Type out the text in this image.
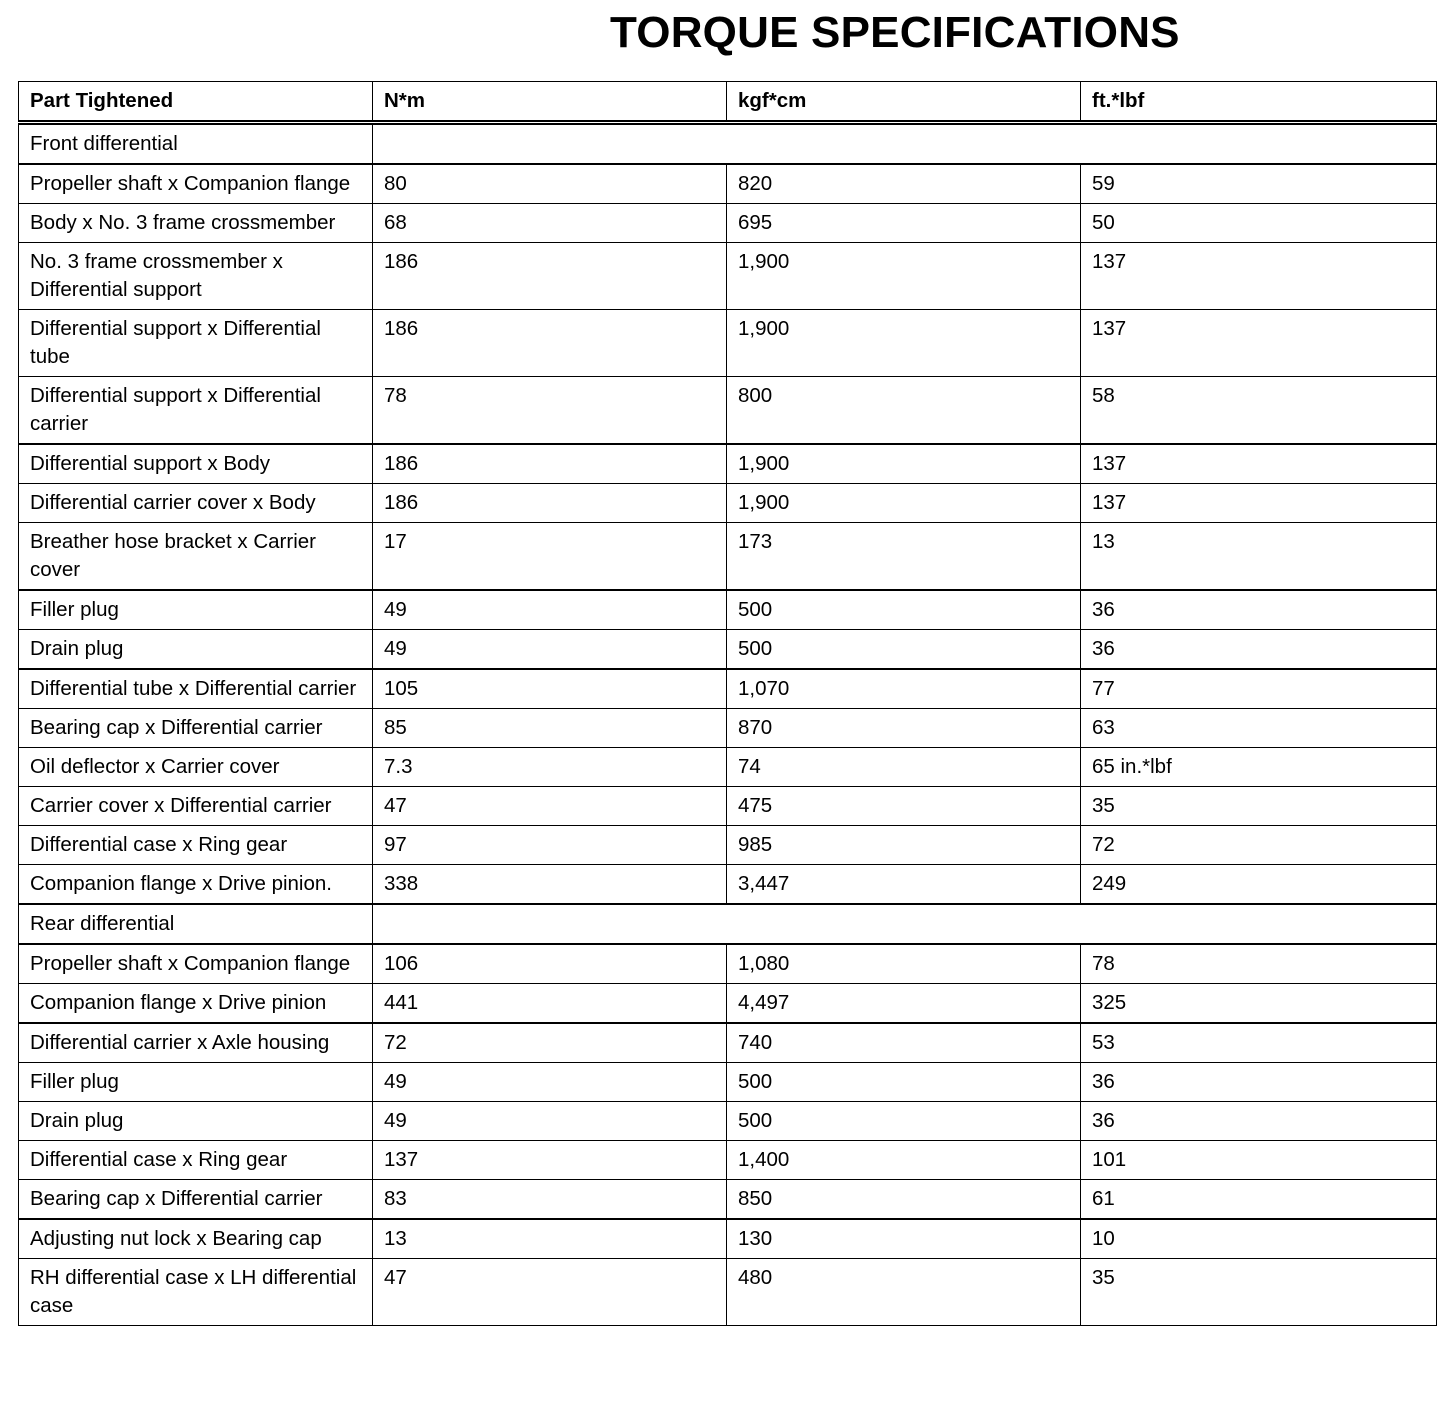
TORQUE SPECIFICATIONS
Part Tightened	N*m	kgf*cm	ft.*lbf
Front differential			
Propeller shaft x Companion flange	80	820	59
Body x No. 3 frame crossmember	68	695	50
No. 3 frame crossmember x Differential support	186	1,900	137
Differential support x Differential tube	186	1,900	137
Differential support x Differential carrier	78	800	58
Differential support x Body	186	1,900	137
Differential carrier cover x Body	186	1,900	137
Breather hose bracket x Carrier cover	17	173	13
Filler plug	49	500	36
Drain plug	49	500	36
Differential tube x Differential carrier	105	1,070	77
Bearing cap x Differential carrier	85	870	63
Oil deflector x Carrier cover	7.3	74	65 in.*lbf
Carrier cover x Differential carrier	47	475	35
Differential case x Ring gear	97	985	72
Companion flange x Drive pinion.	338	3,447	249
Rear differential			
Propeller shaft x Companion flange	106	1,080	78
Companion flange x Drive pinion	441	4,497	325
Differential carrier x Axle housing	72	740	53
Filler plug	49	500	36
Drain plug	49	500	36
Differential case x Ring gear	137	1,400	101
Bearing cap x Differential carrier	83	850	61
Adjusting nut lock x Bearing cap	13	130	10
RH differential case x LH differential case	47	480	35
